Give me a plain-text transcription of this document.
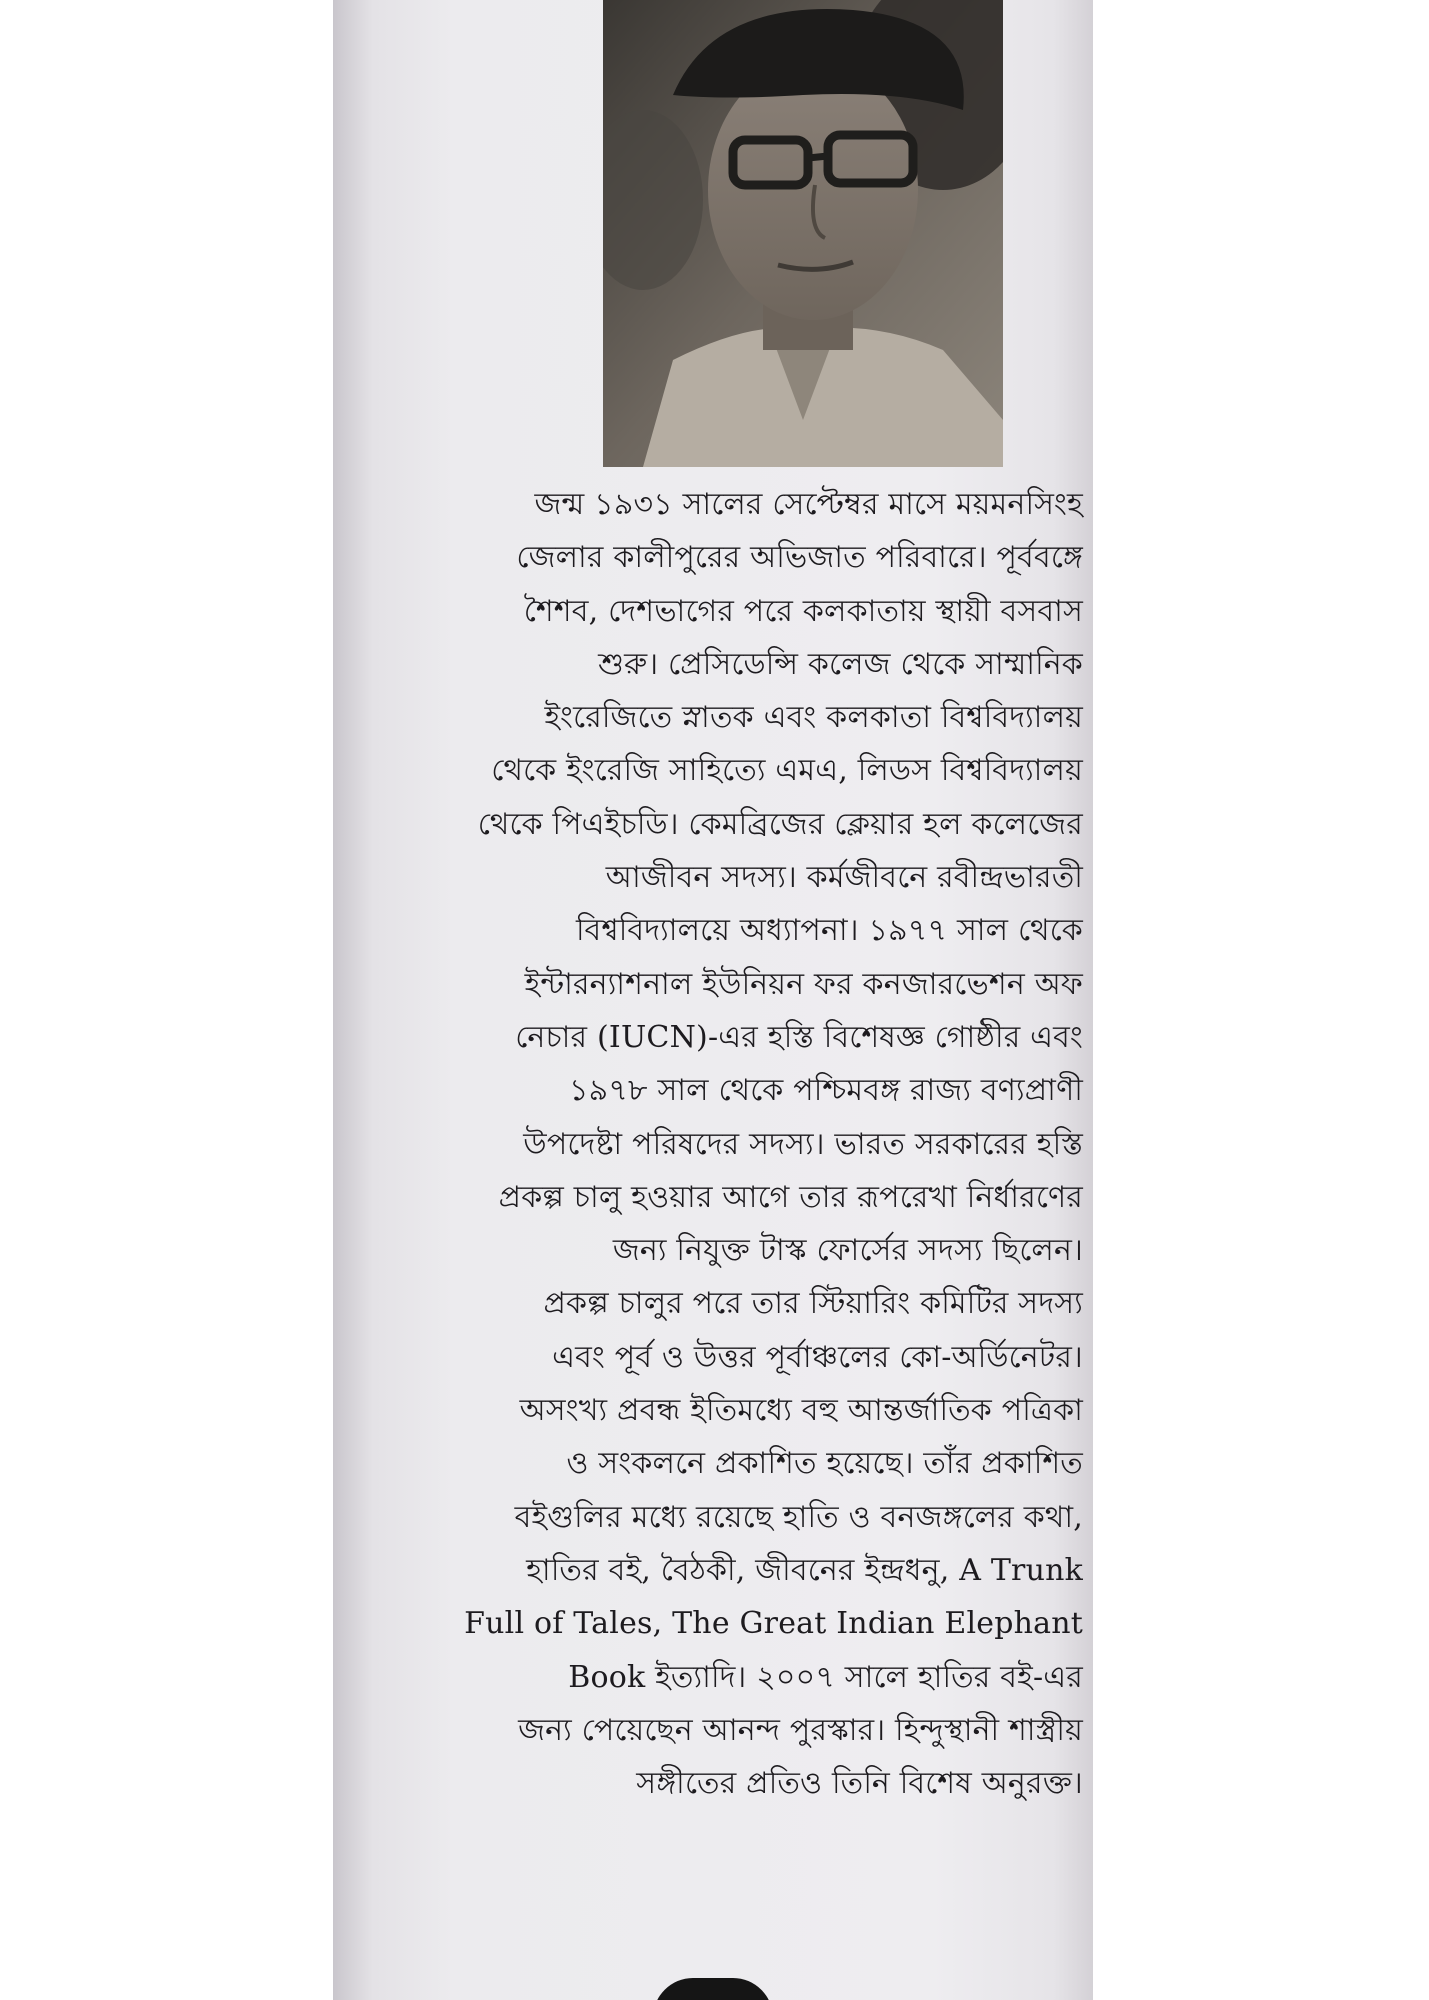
জন্ম ১৯৩১ সালের সেপ্টেম্বর মাসে ময়মনসিংহ
জেলার কালীপুরের অভিজাত পরিবারে। পূর্ববঙ্গে
শৈশব, দেশভাগের পরে কলকাতায় স্থায়ী বসবাস
শুরু। প্রেসিডেন্সি কলেজ থেকে সাম্মানিক
ইংরেজিতে স্নাতক এবং কলকাতা বিশ্ববিদ্যালয়
থেকে ইংরেজি সাহিত্যে এমএ, লিডস বিশ্ববিদ্যালয়
থেকে পিএইচডি। কেমব্রিজের ক্লেয়ার হল কলেজের
আজীবন সদস্য। কর্মজীবনে রবীন্দ্রভারতী
বিশ্ববিদ্যালয়ে অধ্যাপনা। ১৯৭৭ সাল থেকে
ইন্টারন্যাশনাল ইউনিয়ন ফর কনজারভেশন অফ
নেচার (IUCN)-এর হস্তি বিশেষজ্ঞ গোষ্ঠীর এবং
১৯৭৮ সাল থেকে পশ্চিমবঙ্গ রাজ্য বণ্যপ্রাণী
উপদেষ্টা পরিষদের সদস্য। ভারত সরকারের হস্তি
প্রকল্প চালু হওয়ার আগে তার রূপরেখা নির্ধারণের
জন্য নিযুক্ত টাস্ক ফোর্সের সদস্য ছিলেন।
প্রকল্প চালুর পরে তার স্টিয়ারিং কমিটির সদস্য
এবং পূর্ব ও উত্তর পূর্বাঞ্চলের কো-অর্ডিনেটর।
অসংখ্য প্রবন্ধ ইতিমধ্যে বহু আন্তর্জাতিক পত্রিকা
ও সংকলনে প্রকাশিত হয়েছে। তাঁর প্রকাশিত
বইগুলির মধ্যে রয়েছে হাতি ও বনজঙ্গলের কথা,
হাতির বই, বৈঠকী, জীবনের ইন্দ্রধনু, A Trunk
Full of Tales, The Great Indian Elephant
Book ইত্যাদি। ২০০৭ সালে হাতির বই-এর
জন্য পেয়েছেন আনন্দ পুরস্কার। হিন্দুস্থানী শাস্ত্রীয়
সঙ্গীতের প্রতিও তিনি বিশেষ অনুরক্ত।
